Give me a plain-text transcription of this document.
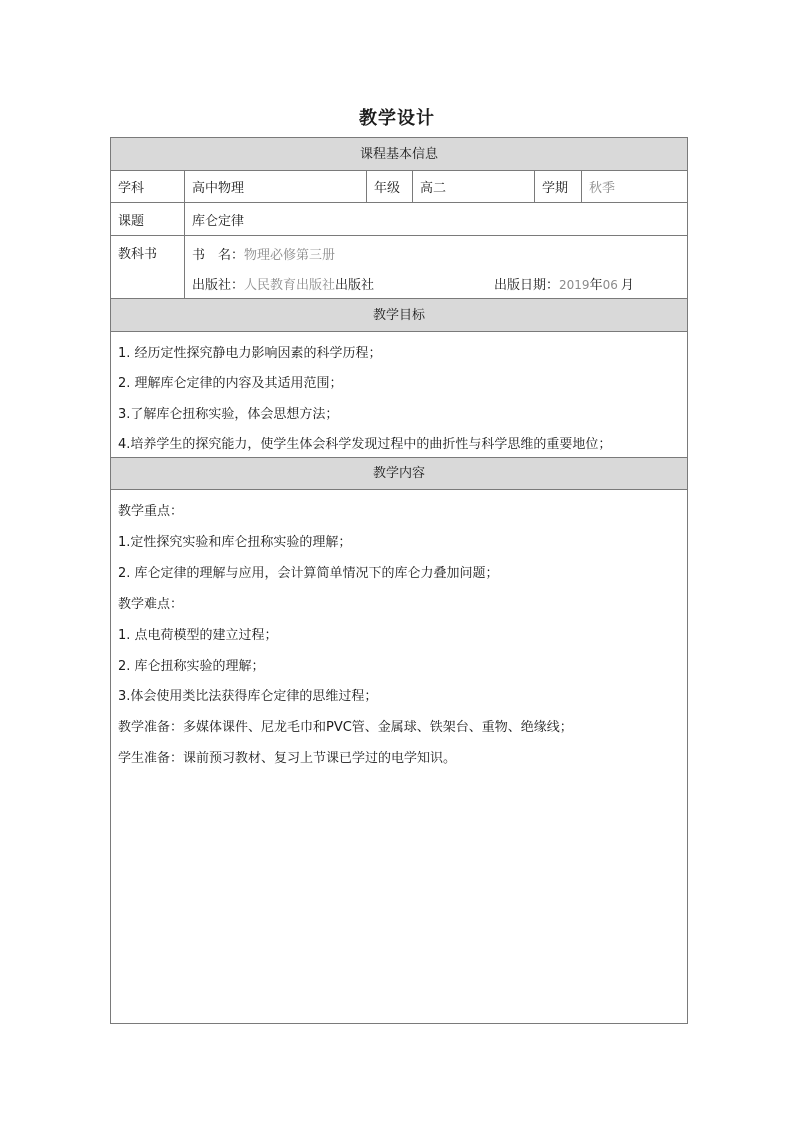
教学设计
课程基本信息
学科	高中物理	年级	高二	学期	秋季
课题	库仑定律
教科书	书　名：物理必修第三册
出版社：人民教育出版社出版社	出版日期：2019年06 月
教学目标
1. 经历定性探究静电力影响因素的科学历程；
2. 理解库仑定律的内容及其适用范围；
3.了解库仑扭称实验，体会思想方法；
4.培养学生的探究能力，使学生体会科学发现过程中的曲折性与科学思维的重要地位；
教学内容
教学重点：
1.定性探究实验和库仑扭称实验的理解；
2. 库仑定律的理解与应用，会计算简单情况下的库仑力叠加问题；
教学难点：
1. 点电荷模型的建立过程；
2. 库仑扭称实验的理解；
3.体会使用类比法获得库仑定律的思维过程；
教学准备：多媒体课件、尼龙毛巾和PVC管、金属球、铁架台、重物、绝缘线；
学生准备：课前预习教材、复习上节课已学过的电学知识。
